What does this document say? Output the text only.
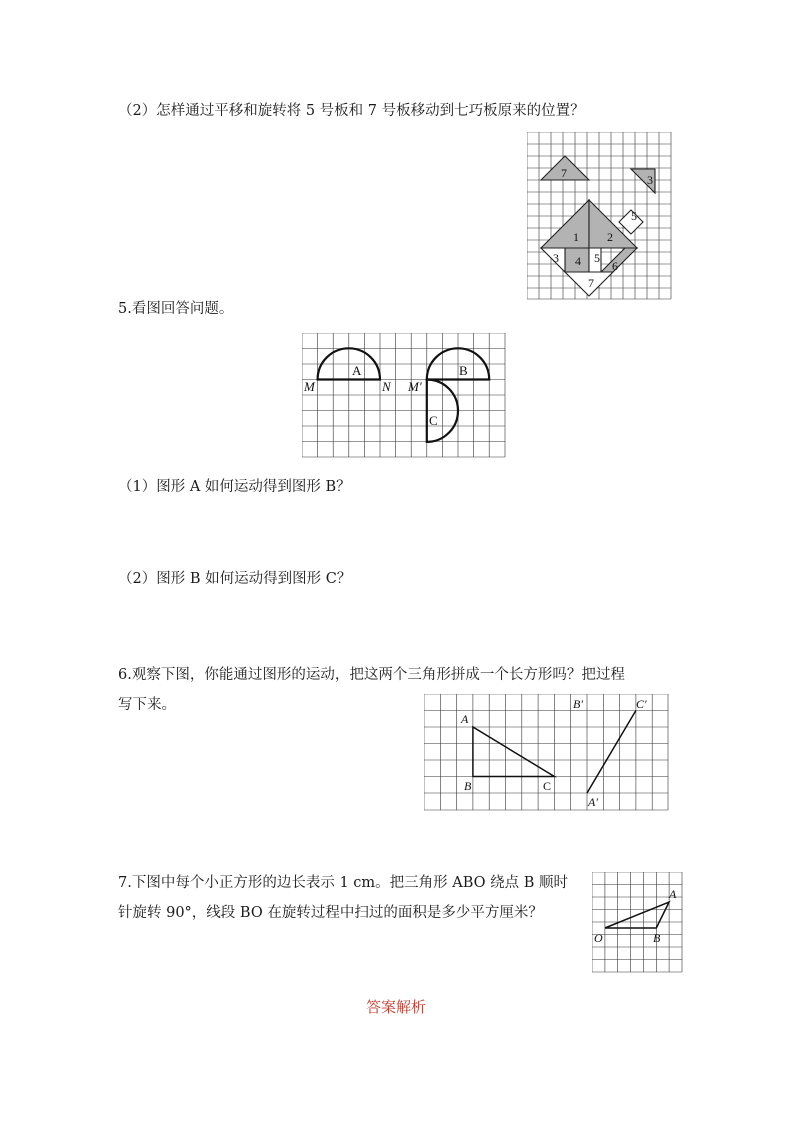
（2）怎样通过平移和旋转将 5 号板和 7 号板移动到七巧板原来的位置？
7	3
5
1 2
3 4 5
6
7
5.看图回答问题。
M
A
N M′
B
C
（1）图形 A 如何运动得到图形 B？
（2）图形 B 如何运动得到图形 C？
6.观察下图，你能通过图形的运动，把这两个三角形拼成一个长方形吗？把过程
写下来。
A
B	C
B′	C′
A′
7.下图中每个小正方形的边长表示 1 cm。把三角形 ABO 绕点 B 顺时
针旋转 90°，线段 BO 在旋转过程中扫过的面积是多少平方厘米？
A
O	B
答案解析
